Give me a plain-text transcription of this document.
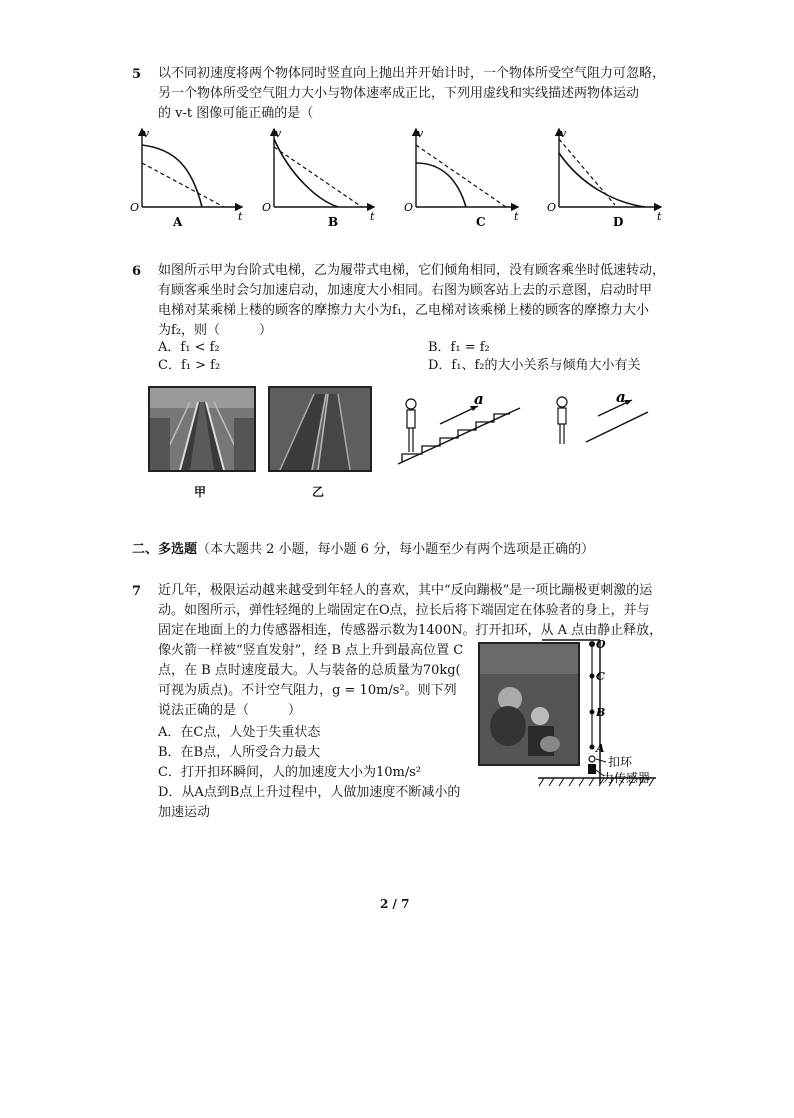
5 以不同初速度将两个物体同时竖直向上抛出并开始计时，一个物体所受空气阻力可忽略，
另一个物体所受空气阻力大小与物体速率成正比，下列用虚线和实线描述两物体运动
的 v-t 图像可能正确的是（
v
t
O
A
v
t
O
B
v
t
O
C
v
t
O
D
6 如图所示甲为台阶式电梯，乙为履带式电梯，它们倾角相同，没有顾客乘坐时低速转动，
有顾客乘坐时会匀加速启动，加速度大小相同。右图为顾客站上去的示意图，启动时甲
电梯对某乘梯上楼的顾客的摩擦力大小为f₁，乙电梯对该乘梯上楼的顾客的摩擦力大小
为f₂，则（　　　）
A．f₁ < f₂	B．f₁ = f₂
C．f₁ > f₂	D．f₁、f₂的大小关系与倾角大小有关
甲	乙
a	a
二、多选题（本大题共 2 小题，每小题 6 分，每小题至少有两个选项是正确的）
7 近几年，极限运动越来越受到年轻人的喜欢，其中“反向蹦极”是一项比蹦极更刺激的运
动。如图所示，弹性轻绳的上端固定在O点，拉长后将下端固定在体验者的身上，并与
固定在地面上的力传感器相连，传感器示数为1400N。打开扣环，从 A 点由静止释放，
像火箭一样被“竖直发射”，经 B 点上升到最高位置 C
点，在 B 点时速度最大。人与装备的总质量为70kg(
可视为质点)。不计空气阻力，g = 10m/s²。则下列
说法正确的是（　　　）
A．在C点，人处于失重状态
B．在B点，人所受合力最大
C．打开扣环瞬间，人的加速度大小为10m/s²
D．从A点到B点上升过程中，人做加速度不断减小的
加速运动
O
C
B
A
扣环
力传感器
2 / 7
